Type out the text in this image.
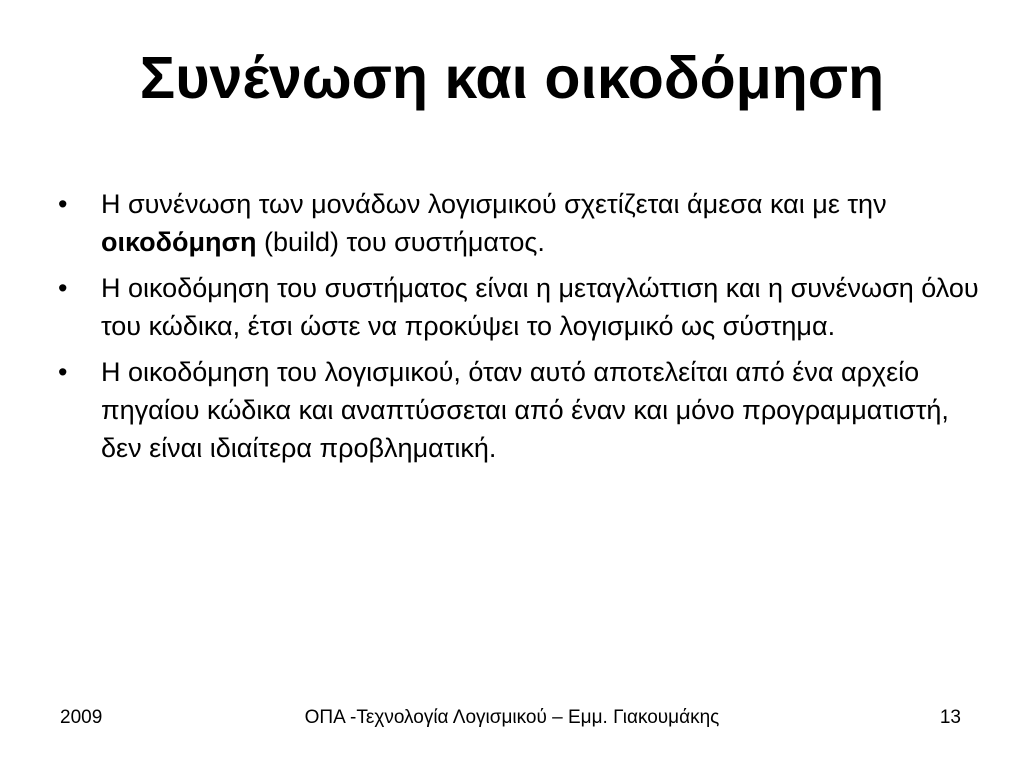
Συνένωση και οικοδόμηση
•	Η συνένωση των μονάδων λογισμικού σχετίζεται άμεσα και με την οικοδόμηση (build) του συστήματος.
•	Η οικοδόμηση του συστήματος είναι η μεταγλώττιση και η συνένωση όλου του κώδικα, έτσι ώστε να προκύψει το λογισμικό ως σύστημα.
•	Η οικοδόμηση του λογισμικού, όταν αυτό αποτελείται από ένα αρχείο πηγαίου κώδικα και αναπτύσσεται από έναν και μόνο προγραμματιστή, δεν είναι ιδιαίτερα προβληματική.
ΟΠΑ -Τεχνολογία Λογισμικού – Εμμ. Γιακουμάκης
2009	13
